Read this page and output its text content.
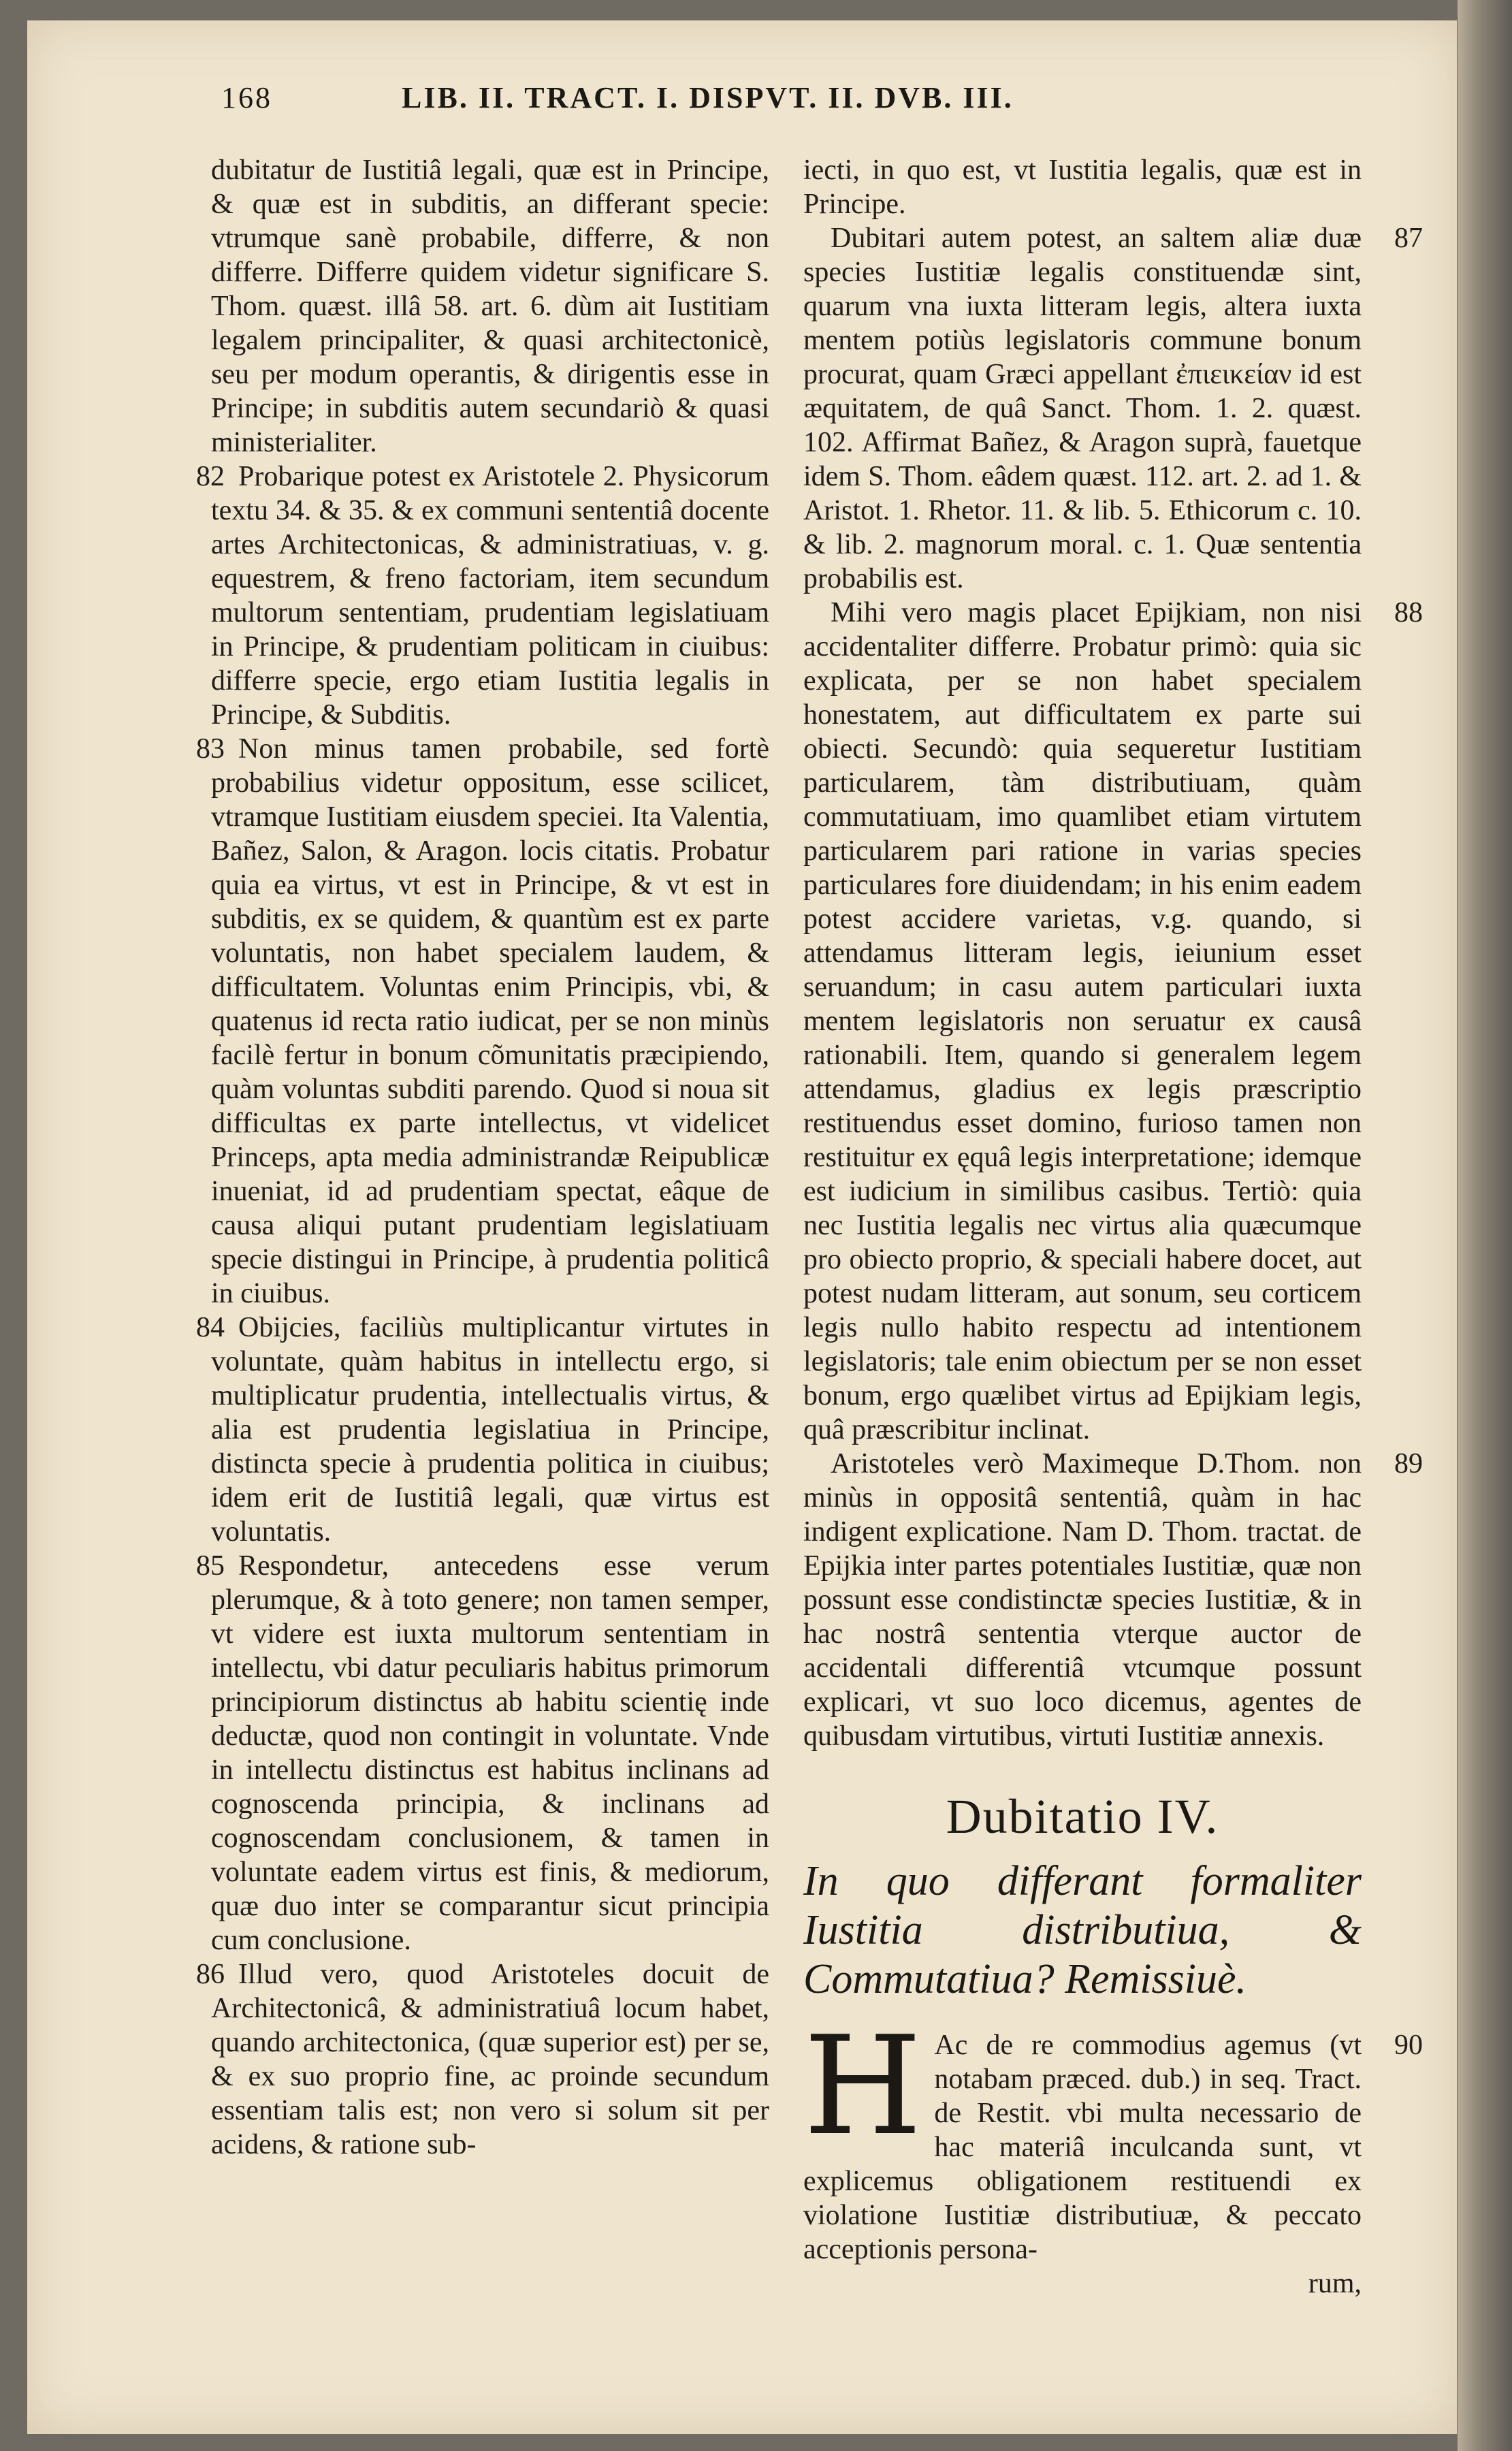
168	LIB. II. TRACT. I. DISPVT. II. DVB. III.

dubitatur de Iustitiâ legali, quæ est in Principe, & quæ est in subditis, an differant specie: vtrumque sanè probabile, differre, & non differre. Differre quidem videtur significare S. Thom. quæst. illâ 58. art. 6. dùm ait Iustitiam legalem principaliter, & quasi architectonicè, seu per modum operantis, & dirigentis esse in Principe; in subditis autem secundariò & quasi ministerialiter.

82 Probarique potest ex Aristotele 2. Physicorum textu 34. & 35. & ex communi sententiâ docente artes Architectonicas, & administratiuas, v. g. equestrem, & freno factoriam, item secundum multorum sententiam, prudentiam legislatiuam in Principe, & prudentiam politicam in ciuibus: differre specie, ergo etiam Iustitia legalis in Principe, & Subditis.

83 Non minus tamen probabile, sed fortè probabilius videtur oppositum, esse scilicet, vtramque Iustitiam eiusdem speciei. Ita Valentia, Bañez, Salon, & Aragon. locis citatis. Probatur quia ea virtus, vt est in Principe, & vt est in subditis, ex se quidem, & quantùm est ex parte voluntatis, non habet specialem laudem, & difficultatem. Voluntas enim Principis, vbi, & quatenus id recta ratio iudicat, per se non minùs facilè fertur in bonum cõmunitatis præcipiendo, quàm voluntas subditi parendo. Quod si noua sit difficultas ex parte intellectus, vt videlicet Princeps, apta media administrandæ Reipublicæ inueniat, id ad prudentiam spectat, eâque de causa aliqui putant prudentiam legislatiuam specie distingui in Principe, à prudentia politicâ in ciuibus.

84 Obijcies, faciliùs multiplicantur virtutes in voluntate, quàm habitus in intellectu ergo, si multiplicatur prudentia, intellectualis virtus, & alia est prudentia legislatiua in Principe, distincta specie à prudentia politica in ciuibus; idem erit de Iustitiâ legali, quæ virtus est voluntatis.

85 Respondetur, antecedens esse verum plerumque, & à toto genere; non tamen semper, vt videre est iuxta multorum sententiam in intellectu, vbi datur peculiaris habitus primorum principiorum distinctus ab habitu scientię inde deductæ, quod non contingit in voluntate. Vnde in intellectu distinctus est habitus inclinans ad cognoscenda principia, & inclinans ad cognoscendam conclusionem, & tamen in voluntate eadem virtus est finis, & mediorum, quæ duo inter se comparantur sicut principia cum conclusione.

86 Illud vero, quod Aristoteles docuit de Architectonicâ, & administratiuâ locum habet, quando architectonica, (quæ superior est) per se, & ex suo proprio fine, ac proinde secundum essentiam talis est; non vero si solum sit per acidens, & ratione sub-

iecti, in quo est, vt Iustitia legalis, quæ est in Principe.

87
Dubitari autem potest, an saltem aliæ duæ species Iustitiæ legalis constituendæ sint, quarum vna iuxta litteram legis, altera iuxta mentem potiùs legislatoris commune bonum procurat, quam Græci appellant ἐπιεικείαν id est æquitatem, de quâ Sanct. Thom. 1. 2. quæst. 102. Affirmat Bañez, & Aragon suprà, fauetque idem S. Thom. eâdem quæst. 112. art. 2. ad 1. & Aristot. 1. Rhetor. 11. & lib. 5. Ethicorum c. 10. & lib. 2. magnorum moral. c. 1. Quæ sententia probabilis est.

88
Mihi vero magis placet Epijkiam, non nisi accidentaliter differre. Probatur primò: quia sic explicata, per se non habet specialem honestatem, aut difficultatem ex parte sui obiecti. Secundò: quia sequeretur Iustitiam particularem, tàm distributiuam, quàm commutatiuam, imo quamlibet etiam virtutem particularem pari ratione in varias species particulares fore diuidendam; in his enim eadem potest accidere varietas, v.g. quando, si attendamus litteram legis, ieiunium esset seruandum; in casu autem particulari iuxta mentem legislatoris non seruatur ex causâ rationabili. Item, quando si generalem legem attendamus, gladius ex legis præscriptio restituendus esset domino, furioso tamen non restituitur ex ęquâ legis interpretatione; idemque est iudicium in similibus casibus. Tertiò: quia nec Iustitia legalis nec virtus alia quæcumque pro obiecto proprio, & speciali habere docet, aut potest nudam litteram, aut sonum, seu corticem legis nullo habito respectu ad intentionem legislatoris; tale enim obiectum per se non esset bonum, ergo quælibet virtus ad Epijkiam legis, quâ præscribitur inclinat.

89
Aristoteles verò Maximeque D.Thom. non minùs in oppositâ sententiâ, quàm in hac indigent explicatione. Nam D. Thom. tractat. de Epijkia inter partes potentiales Iustitiæ, quæ non possunt esse condistinctæ species Iustitiæ, & in hac nostrâ sententia vterque auctor de accidentali differentiâ vtcumque possunt explicari, vt suo loco dicemus, agentes de quibusdam virtutibus, virtuti Iustitiæ annexis.

Dubitatio IV.
In quo differant formaliter Iustitia distributiua, & Commutatiua? Remissiuè.
90
H Ac de re commodius agemus (vt notabam præced. dub.) in seq. Tract. de Restit. vbi multa necessario de hac materiâ inculcanda sunt, vt explicemus obligationem restituendi ex violatione Iustitiæ distributiuæ, & peccato acceptionis persona-
rum,
